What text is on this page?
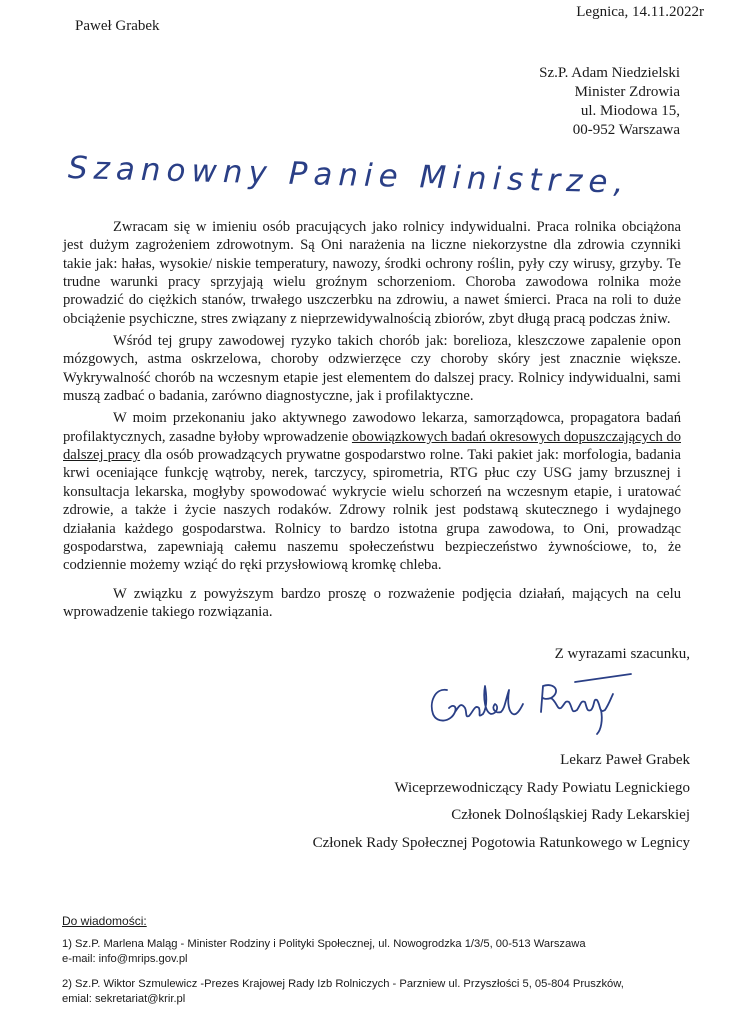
Paweł Grabek
Legnica, 14.11.2022r
Sz.P. Adam Niedzielski
Minister Zdrowia
ul. Miodowa 15,
00-952 Warszawa
Szanowny Panie Ministrze,

Zwracam się w imieniu osób pracujących jako rolnicy indywidualni. Praca rolnika obciążona jest dużym zagrożeniem zdrowotnym. Są Oni narażenia na liczne niekorzystne dla zdrowia czynniki takie jak: hałas, wysokie/ niskie temperatury, nawozy, środki ochrony roślin, pyły czy wirusy, grzyby. Te trudne warunki pracy sprzyjają wielu groźnym schorzeniom. Choroba zawodowa rolnika może prowadzić do ciężkich stanów, trwałego uszczerbku na zdrowiu, a nawet śmierci. Praca na roli to duże obciążenie psychiczne, stres związany z nieprzewidywalnością zbiorów, zbyt długą pracą podczas żniw.

Wśród tej grupy zawodowej ryzyko takich chorób jak: borelioza, kleszczowe zapalenie opon mózgowych, astma oskrzelowa, choroby odzwierzęce czy choroby skóry jest znacznie większe. Wykrywalność chorób na wczesnym etapie jest elementem do dalszej pracy. Rolnicy indywidualni, sami muszą zadbać o badania, zarówno diagnostyczne, jak i profilaktyczne.

W moim przekonaniu jako aktywnego zawodowo lekarza, samorządowca, propagatora badań profilaktycznych, zasadne byłoby wprowadzenie obowiązkowych badań okresowych dopuszczających do dalszej pracy dla osób prowadzących prywatne gospodarstwo rolne. Taki pakiet jak: morfologia, badania krwi oceniające funkcję wątroby, nerek, tarczycy, spirometria, RTG płuc czy USG jamy brzusznej i konsultacja lekarska, mogłyby spowodować wykrycie wielu schorzeń na wczesnym etapie, i uratować zdrowie, a także i życie naszych rodaków. Zdrowy rolnik jest podstawą skutecznego i wydajnego działania każdego gospodarstwa. Rolnicy to bardzo istotna grupa zawodowa, to Oni, prowadząc gospodarstwa, zapewniają całemu naszemu społeczeństwu bezpieczeństwo żywnościowe, to, że codziennie możemy wziąć do ręki przysłowiową kromkę chleba.

W związku z powyższym bardzo proszę o rozważenie podjęcia działań, mających na celu wprowadzenie takiego rozwiązania.

Z wyrazami szacunku,
Lekarz Paweł Grabek
Wiceprzewodniczący Rady Powiatu Legnickiego
Członek Dolnośląskiej Rady Lekarskiej
Członek Rady Społecznej Pogotowia Ratunkowego w Legnicy
Do wiadomości:
1) Sz.P. Marlena Maląg - Minister Rodziny i Polityki Społecznej, ul. Nowogrodzka 1/3/5, 00-513 Warszawa
e-mail: info@mrips.gov.pl
2) Sz.P. Wiktor Szmulewicz -Prezes Krajowej Rady Izb Rolniczych - Parzniew ul. Przyszłości 5, 05-804 Pruszków,
emial: sekretariat@krir.pl
